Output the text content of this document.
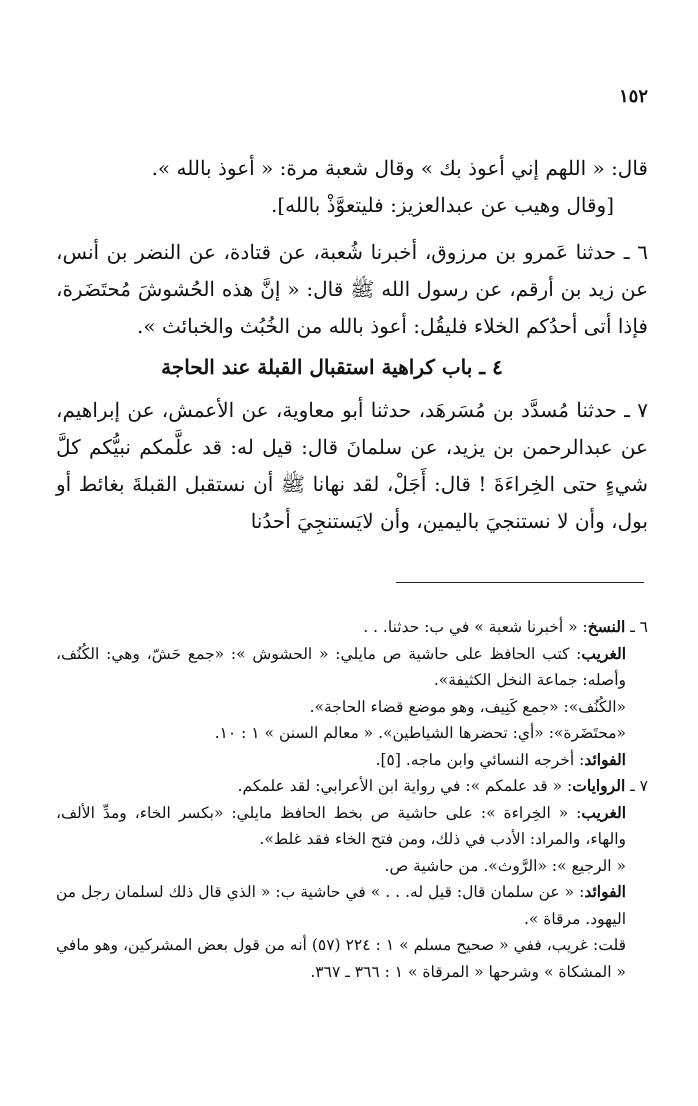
١٥٢

قال: « اللهم إني أعوذ بك » وقال شعبة مرة: « أعوذ بالله ».

[وقال وهيب عن عبدالعزيز: فليتعوَّذْ بالله].

٦ ـ حدثنا عَمرو بن مرزوق، أخبرنا شُعبة، عن قتادة، عن النضر بن أنس، عن زيد بن أرقم، عن رسول الله ﷺ قال: « إنَّ هذه الحُشوشَ مُحتَضَرة، فإذا أتى أحدُكم الخلاء فليقُل: أعوذ بالله من الخُبُث والخبائث ».

٤ ـ باب كراهية استقبال القبلة عند الحاجة

٧ ـ حدثنا مُسدَّد بن مُسَرهَد، حدثنا أبو معاوية، عن الأعمش، عن إبراهيم، عن عبدالرحمن بن يزيد، عن سلمانَ قال: قيل له: قد علَّمكم نبيُّكم كلَّ شيءٍ حتى الخِراءَةَ ! قال: أَجَلْ، لقد نهانا ﷺ أن نستقبل القبلةَ بغائط أو بول، وأن لا نستنجيَ باليمين، وأن لايَستنجِيَ أحدُنا

٦ ـ النسخ: « أخبرنا شعبة » في ب: حدثنا. . .

الغريب: كتب الحافظ على حاشية ص مايلي: « الحشوش »: «جمع حَشّ، وهي: الكُنُف، وأصله: جماعة النخل الكثيفة».

«الكُنُف»: «جمع كَنِيف، وهو موضع قضاء الحاجة».

«محتَضَرة»: «أي: تحضرها الشياطين». « معالم السنن » ١ : ١٠.

الفوائد: أخرجه النسائي وابن ماجه. [٥].

٧ ـ الروايات: « قد علمكم »: في رواية ابن الأعرابي: لقد علمكم.

الغريب: « الخِراءة »: على حاشية ص بخط الحافظ مايلي: «بكسر الخاء، ومدِّ الألف، والهاء، والمراد: الأدب في ذلك، ومن فتح الخاء فقد غلط».

« الرجيع »: «الرَّوث». من حاشية ص.

الفوائد: « عن سلمان قال: قيل له. . . » في حاشية ب: « الذي قال ذلك لسلمان رجل من اليهود. مرقاة ».

قلت: غريب، ففي « صحيح مسلم » ١ : ٢٢٤ (٥٧) أنه من قول بعض المشركين، وهو مافي « المشكاة » وشرحها « المرقاة » ١ : ٣٦٦ ـ ٣٦٧.
